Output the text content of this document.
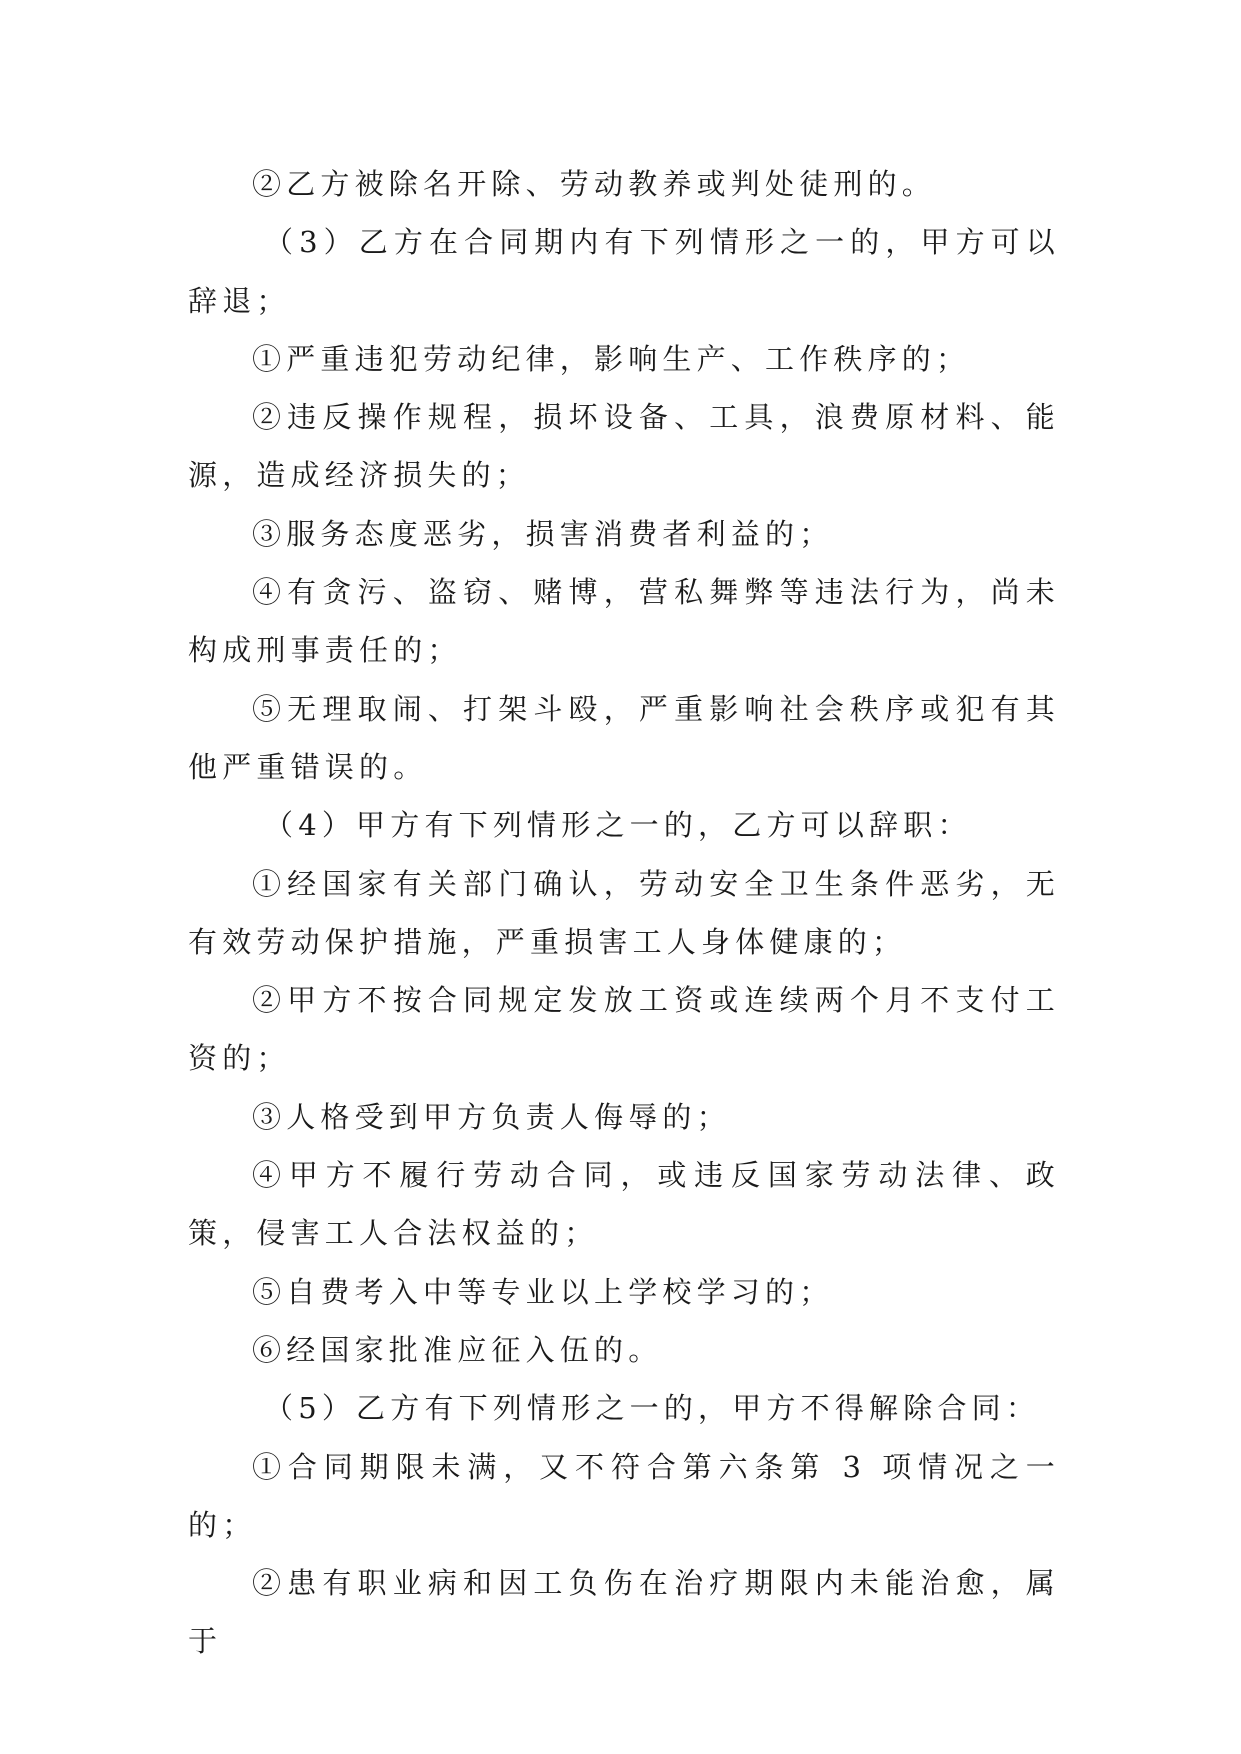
②乙方被除名开除、劳动教养或判处徒刑的。

（3）乙方在合同期内有下列情形之一的，甲方可以辞退；

①严重违犯劳动纪律，影响生产、工作秩序的；

②违反操作规程，损坏设备、工具，浪费原材料、能源，造成经济损失的；

③服务态度恶劣，损害消费者利益的；

④有贪污、盗窃、赌博，营私舞弊等违法行为，尚未构成刑事责任的；

⑤无理取闹、打架斗殴，严重影响社会秩序或犯有其他严重错误的。

（4）甲方有下列情形之一的，乙方可以辞职：

①经国家有关部门确认，劳动安全卫生条件恶劣，无有效劳动保护措施，严重损害工人身体健康的；

②甲方不按合同规定发放工资或连续两个月不支付工资的；

③人格受到甲方负责人侮辱的；

④甲方不履行劳动合同，或违反国家劳动法律、政策，侵害工人合法权益的；

⑤自费考入中等专业以上学校学习的；

⑥经国家批准应征入伍的。

（5）乙方有下列情形之一的，甲方不得解除合同：

①合同期限未满，又不符合第六条第 3 项情况之一的；

②患有职业病和因工负伤在治疗期限内未能治愈，属于
